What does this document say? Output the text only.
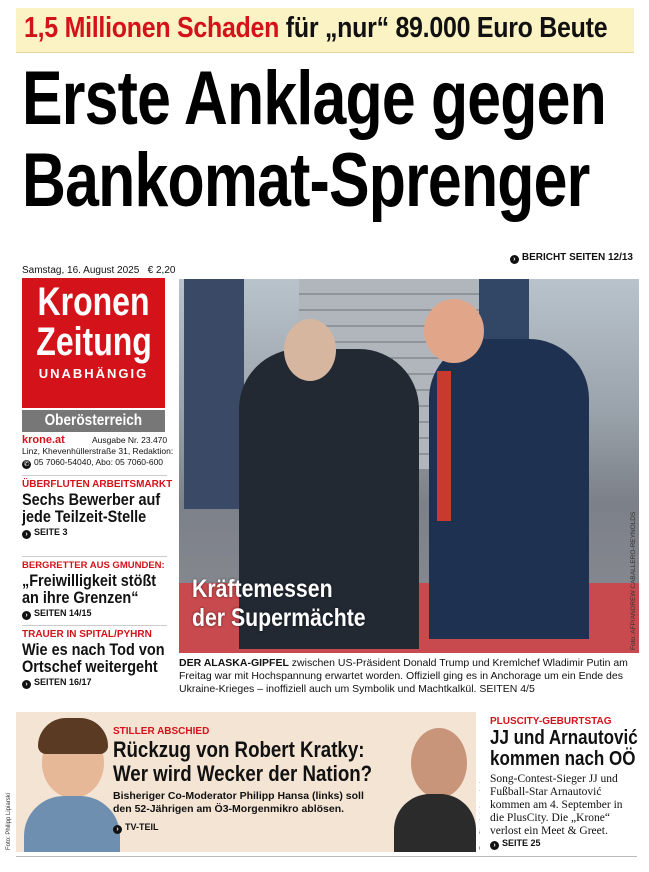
1,5 Millionen Schaden für „nur“ 89.000 Euro Beute
Erste Anklage gegen
Bankomat-Sprenger
› BERICHT SEITEN 12/13
Samstag, 16. August 2025   € 2,20
Kronen
Zeitung
UNABHÄNGIG
Oberösterreich
krone.at	Ausgabe Nr. 23.470
Linz, Khevenhüllerstraße 31, Redaktion:
✆ 05 7060-54040, Abo: 05 7060-600
ÜBERFLUTEN ARBEITSMARKT
Sechs Bewerber auf
jede Teilzeit-Stelle
› SEITE 3
BERGRETTER AUS GMUNDEN:
„Freiwilligkeit stößt
an ihre Grenzen“
› SEITEN 14/15
TRAUER IN SPITAL/PYHRN
Wie es nach Tod von
Ortschef weitergeht
› SEITEN 16/17
Kräftemessen
der Supermächte	Foto: AFP/ANDREW CABALLERO-REYNOLDS
DER ALASKA-GIPFEL zwischen US-Präsident Donald Trump und Kremlchef Wladimir Putin am Freitag war mit Hochspannung erwartet worden. Offiziell ging es in Anchorage um ein Ende des Ukraine-Krieges – inoffiziell auch um Symbolik und Machtkalkül. SEITEN 4/5
STILLER ABSCHIED
Rückzug von Robert Kratky:
Wer wird Wecker der Nation?
Bisheriger Co-Moderator Philipp Hansa (links) soll
den 52-Jährigen am Ö3-Morgenmikro ablösen.
› TV-TEIL
Foto: Philipp Lipiarski
PLUSCITY-GEBURTSTAG
JJ und Arnautović
kommen nach OÖ
Song-Contest-Sieger JJ und
Fußball-Star Arnautović
kommen am 4. September in
die PlusCity. Die „Krone“
verlost ein Meet & Greet.
› SEITE 25
